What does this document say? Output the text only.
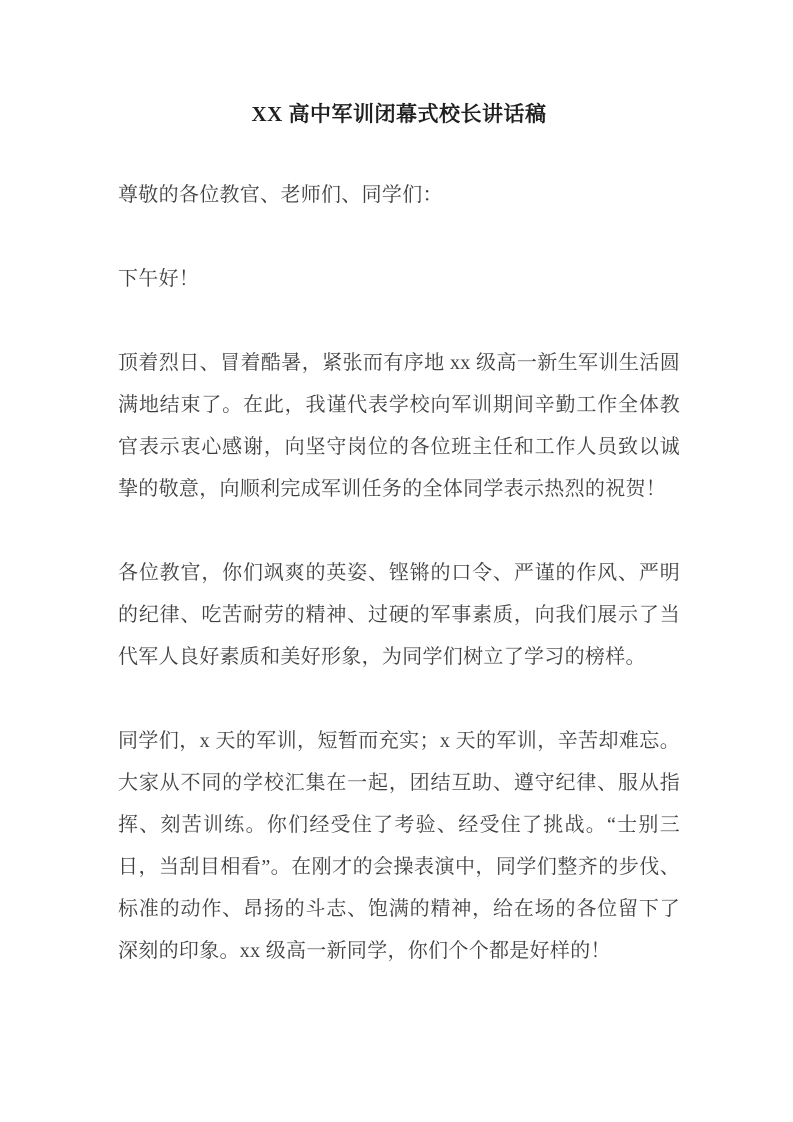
XX 高中军训闭幕式校长讲话稿

尊敬的各位教官、老师们、同学们：

下午好！

顶着烈日、冒着酷暑，紧张而有序地 xx 级高一新生军训生活圆满地结束了。在此，我谨代表学校向军训期间辛勤工作全体教官表示衷心感谢，向坚守岗位的各位班主任和工作人员致以诚挚的敬意，向顺利完成军训任务的全体同学表示热烈的祝贺！

各位教官，你们飒爽的英姿、铿锵的口令、严谨的作风、严明的纪律、吃苦耐劳的精神、过硬的军事素质，向我们展示了当代军人良好素质和美好形象，为同学们树立了学习的榜样。

同学们，x 天的军训，短暂而充实；x 天的军训，辛苦却难忘。大家从不同的学校汇集在一起，团结互助、遵守纪律、服从指挥、刻苦训练。你们经受住了考验、经受住了挑战。“士别三日，当刮目相看”。在刚才的会操表演中，同学们整齐的步伐、标准的动作、昂扬的斗志、饱满的精神，给在场的各位留下了深刻的印象。xx 级高一新同学，你们个个都是好样的！
